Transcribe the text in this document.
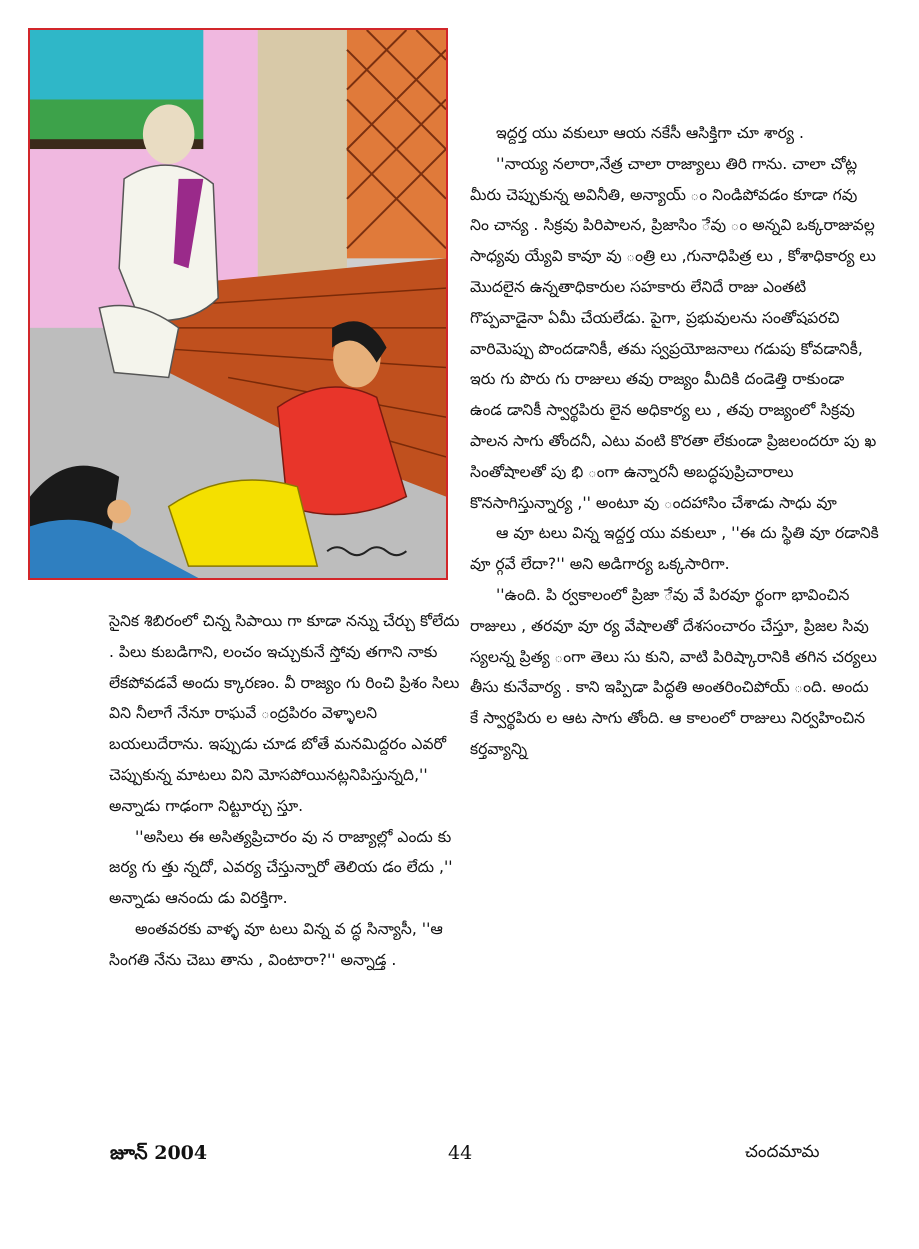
ఇద్దర్త యు వకులూ ఆయ నకేసీ ఆసిక్తిగా చూ శార్య .

''నాయ్య నలారా,నేత్ర చాలా రాజ్యాలు తిరి గాను. చాలా చోట్ల మీరు చెప్పుకున్న అవినీతి, అన్యాయ్ ం నిండిపోవడం కూడా గవు నిం చాన్య . సిక్రవు పిరిపాలన, ప్రిజాసిం ేవు ం అన్నవి ఒక్కరాజువల్ల సాధ్యవు య్యేవి కావూ వు ంత్రి లు ,గునాధిపిత్ర లు , కోశాధికార్య లు మొదలైన ఉన్నతాధికారుల సహకారు లేనిదే రాజు ఎంతటి గొప్పవాడైనా ఏమీ చేయలేడు. పైగా, ప్రభువులను సంతోషపరచి వారిమెప్పు పొందడానికీ, తమ స్వప్రయోజనాలు గడుపు కోవడానికీ, ఇరు గు పొరు గు రాజులు తవు రాజ్యం మీదికి దండెత్తి రాకుండా ఉండ డానికీ స్వార్థపిరు లైన అధికార్య లు , తవు రాజ్యంలో సిక్రవు పాలన సాగు తోందనీ, ఎటు వంటి కొరతా లేకుండా ప్రిజలందరూ పు ఖ సింతోషాలతో పు భి ంగా ఉన్నారనీ అబద్ధపుప్రిచారాలు కొనసాగిస్తున్నార్య ,'' అంటూ వు ందహాసిం చేశాడు సాధు వూ

ఆ వూ టలు విన్న ఇద్దర్త యు వకులూ , ''ఈ దు స్థితి వూ రడానికి వూ ర్గవే లేదా?'' అని అడిగార్య ఒక్కసారిగా.

''ఉంది. పి ర్వకాలంలో ప్రిజా ేవు వే పిరవూ ర్థంగా భావించిన రాజులు , తరవూ వూ ర్య వేషాలతో దేశసంచారం చేస్తూ, ప్రిజల సివు స్యలన్న ప్రిత్య ంగా తెలు సు కుని, వాటి పిరిష్కారానికి తగిన చర్యలు తీసు కునేవార్య . కాని ఇప్పిడా పిద్ధతి అంతరించిపోయ్ ంది. అందు కే స్వార్థపిరు ల ఆట సాగు తోంది. ఆ కాలంలో రాజులు నిర్వహించిన కర్తవ్యాన్ని

సైనిక శిబిరంలో చిన్న సిపాయి గా కూడా నన్ను చేర్చు కోలేదు . పిలు కుబడిగాని, లంచం ఇచ్చుకునే స్తోవు తగాని నాకు లేకపోవడవే అందు క్కారణం. వీ రాజ్యం గు రించి ప్రిశం సిలు విని నీలాగే నేనూ రాఘవే ంద్రపిరం వెళ్ళాలని బయలుదేరాను. ఇప్పుడు చూడ బోతే మనమిద్దరం ఎవరో చెప్పుకున్న మాటలు విని మోసపోయినట్లనిపిస్తున్నది,'' అన్నాడు గాఢంగా నిట్టూర్చు స్తూ.

''అసిలు ఈ అసిత్యప్రిచారం వు న రాజ్యాల్లో ఎందు కు జర్య గు త్తు న్నదో, ఎవర్య చేస్తున్నారో తెలియ డం లేదు ,'' అన్నాడు ఆనందు డు విరక్తిగా.

అంతవరకు వాళ్ళ వూ టలు విన్న వ ద్ధ సిన్యాసీ, ''ఆ సింగతి నేను చెబు తాను , వింటారా?'' అన్నాడ్త .

జూన్ 2004	44	చందమామ
